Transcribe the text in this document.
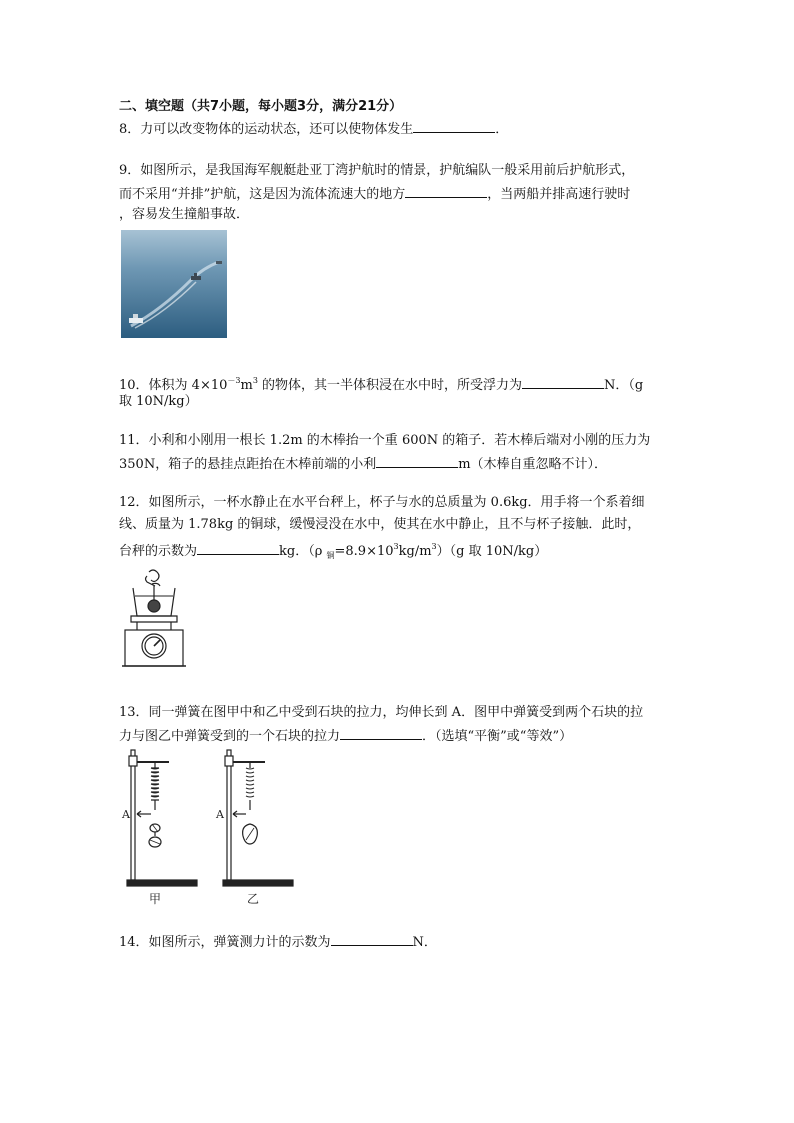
二、填空题（共7小题，每小题3分，满分21分）
8．力可以改变物体的运动状态，还可以使物体发生	．
9．如图所示，是我国海军舰艇赴亚丁湾护航时的情景，护航编队一般采用前后护航形式，
而不采用“并排”护航，这是因为流体流速大的地方	，当两船并排高速行驶时
，容易发生撞船事故．
10．体积为 $4\times 10^{-3}m^3$ 的物体，其一半体积浸在水中时，所受浮力为	N．（g
取 10N/kg）
11．小利和小刚用一根长 1.2m 的木棒抬一个重 600N 的箱子．若木棒后端对小刚的压力为
350N，箱子的悬挂点距抬在木棒前端的小利	m（木棒自重忽略不计）．
12．如图所示，一杯水静止在水平台秤上，杯子与水的总质量为 0.6kg．用手将一个系着细
线、质量为 1.78kg 的铜球，缓慢浸没在水中，使其在水中静止，且不与杯子接触．此时，
台秤的示数为	kg．（ρ $_铜=8.9\times 10^3kg/m^3)(g$ 取 10N/kg）
13．同一弹簧在图甲中和乙中受到石块的拉力，均伸长到 A．图甲中弹簧受到两个石块的拉
力与图乙中弹簧受到的一个石块的拉力	．（选填“平衡”或“等效”）
A
甲
A
乙
14．如图所示，弹簧测力计的示数为	N．
